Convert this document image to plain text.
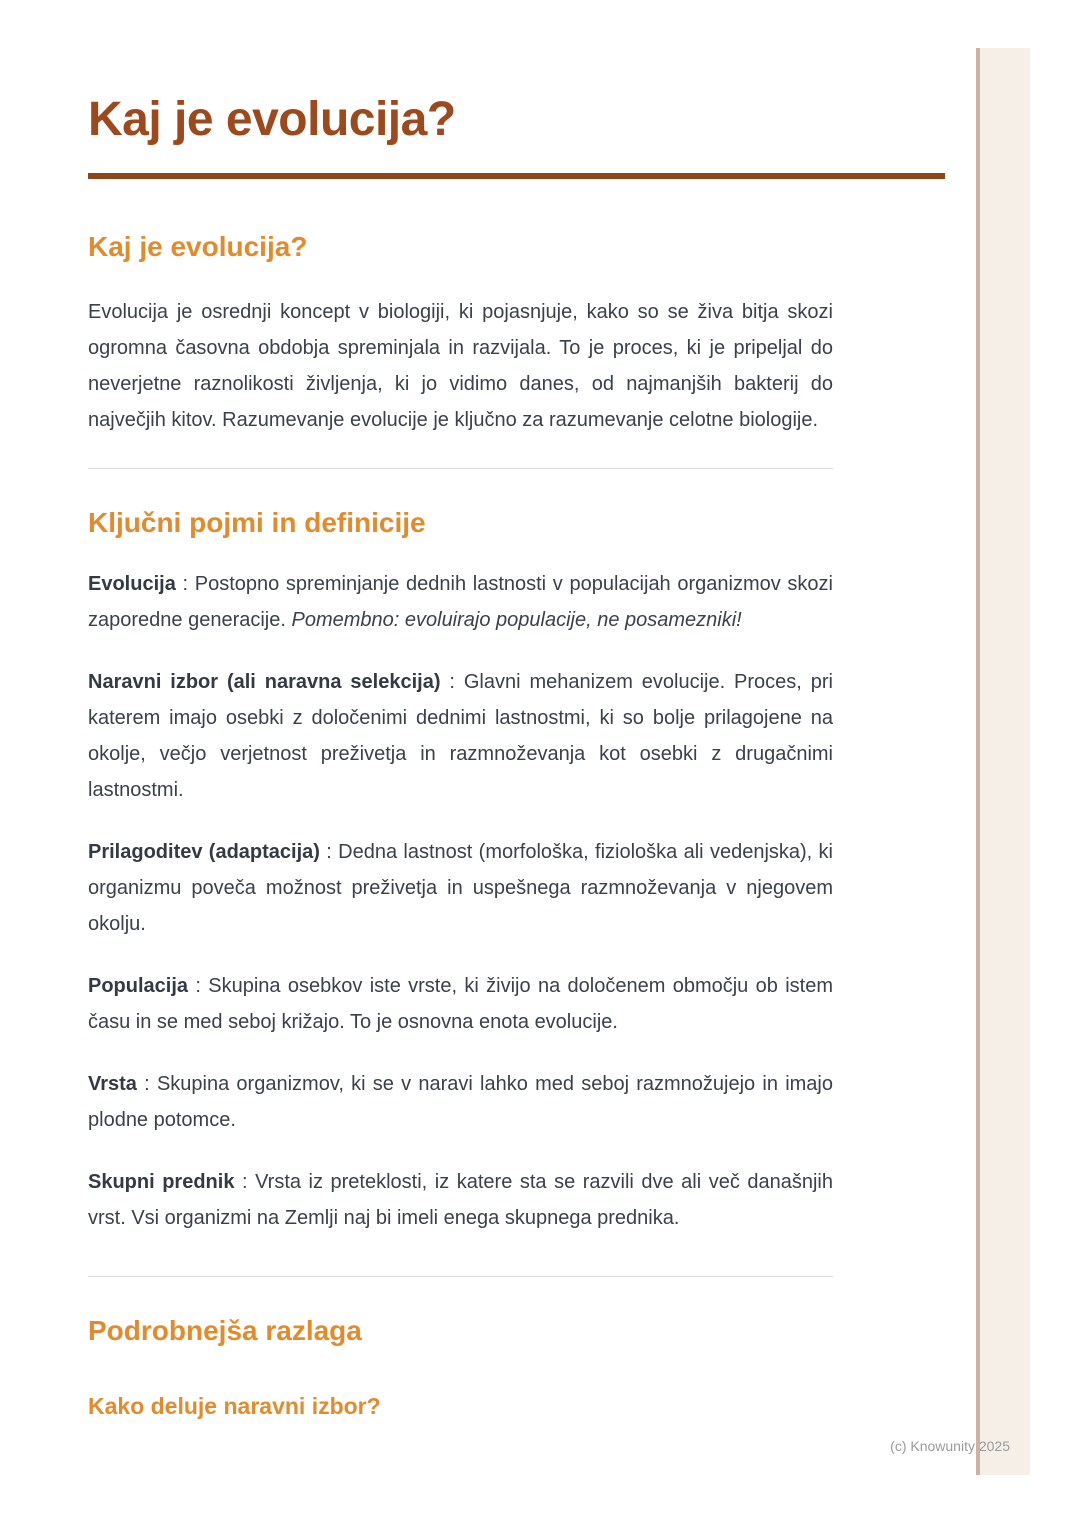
Kaj je evolucija?
Kaj je evolucija?

Evolucija je osrednji koncept v biologiji, ki pojasnjuje, kako so se živa bitja skozi ogromna časovna obdobja spreminjala in razvijala. To je proces, ki je pripeljal do neverjetne raznolikosti življenja, ki jo vidimo danes, od najmanjših bakterij do največjih kitov. Razumevanje evolucije je ključno za razumevanje celotne biologije.

Ključni pojmi in definicije

Evolucija : Postopno spreminjanje dednih lastnosti v populacijah organizmov skozi zaporedne generacije. Pomembno: evoluirajo populacije, ne posamezniki!

Naravni izbor (ali naravna selekcija) : Glavni mehanizem evolucije. Proces, pri katerem imajo osebki z določenimi dednimi lastnostmi, ki so bolje prilagojene na okolje, večjo verjetnost preživetja in razmnoževanja kot osebki z drugačnimi lastnostmi.

Prilagoditev (adaptacija) : Dedna lastnost (morfološka, fiziološka ali vedenjska), ki organizmu poveča možnost preživetja in uspešnega razmnoževanja v njegovem okolju.

Populacija : Skupina osebkov iste vrste, ki živijo na določenem območju ob istem času in se med seboj križajo. To je osnovna enota evolucije.

Vrsta : Skupina organizmov, ki se v naravi lahko med seboj razmnožujejo in imajo plodne potomce.

Skupni prednik : Vrsta iz preteklosti, iz katere sta se razvili dve ali več današnjih vrst. Vsi organizmi na Zemlji naj bi imeli enega skupnega prednika.

Podrobnejša razlaga
Kako deluje naravni izbor?
(c) Knowunity 2025
